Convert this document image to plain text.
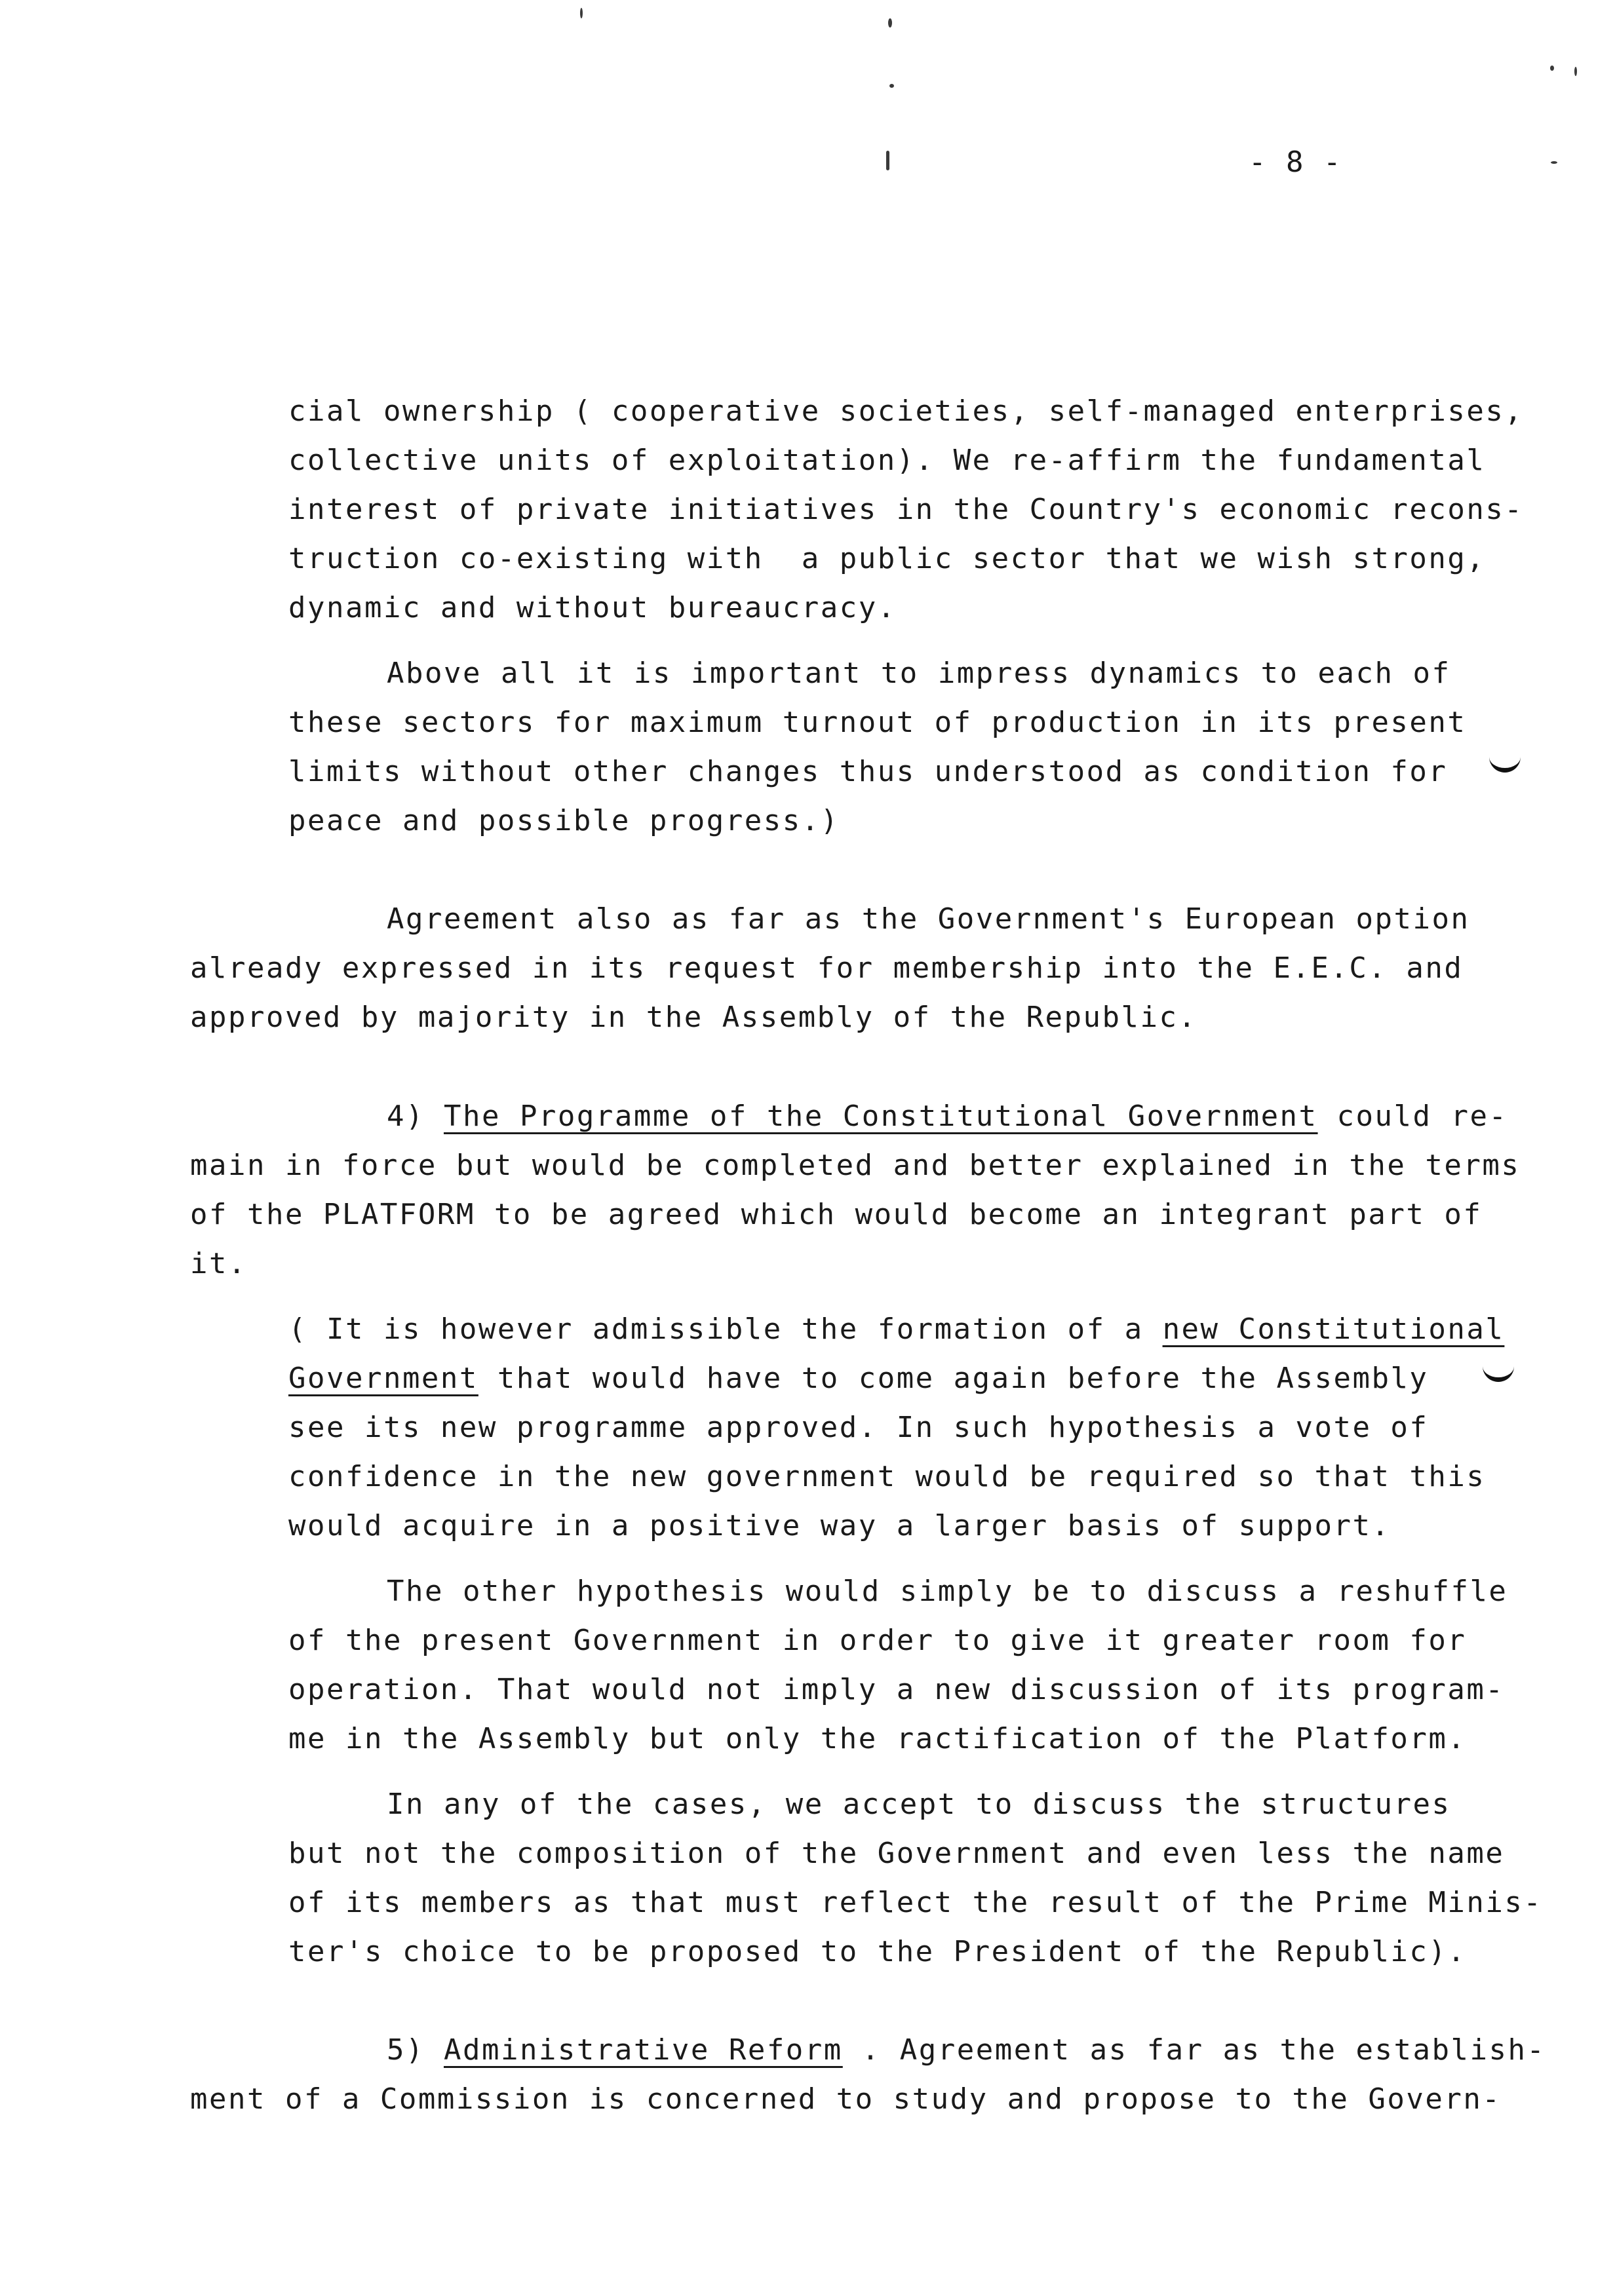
- 8 -
cial ownership ( cooperative societies, self-managed enterprises,
collective units of exploitation). We re-affirm the fundamental
interest of private initiatives in the Country's economic recons-
truction co-existing with  a public sector that we wish strong,
dynamic and without bureaucracy.
Above all it is important to impress dynamics to each of
these sectors for maximum turnout of production in its present
limits without other changes thus understood as condition for
peace and possible progress.)
Agreement also as far as the Government's European option
already expressed in its request for membership into the E.E.C. and
approved by majority in the Assembly of the Republic.
4) The Programme of the Constitutional Government could re-
main in force but would be completed and better explained in the terms
of the PLATFORM to be agreed which would become an integrant part of
it.
( It is however admissible the formation of a new Constitutional
Government that would have to come again before the Assembly
see its new programme approved. In such hypothesis a vote of
confidence in the new government would be required so that this
would acquire in a positive way a larger basis of support.
The other hypothesis would simply be to discuss a reshuffle
of the present Government in order to give it greater room for
operation. That would not imply a new discussion of its program-
me in the Assembly but only the ractification of the Platform.
In any of the cases, we accept to discuss the structures
but not the composition of the Government and even less the name
of its members as that must reflect the result of the Prime Minis-
ter's choice to be proposed to the President of the Republic).
5) Administrative Reform . Agreement as far as the establish-
ment of a Commission is concerned to study and propose to the Govern-
